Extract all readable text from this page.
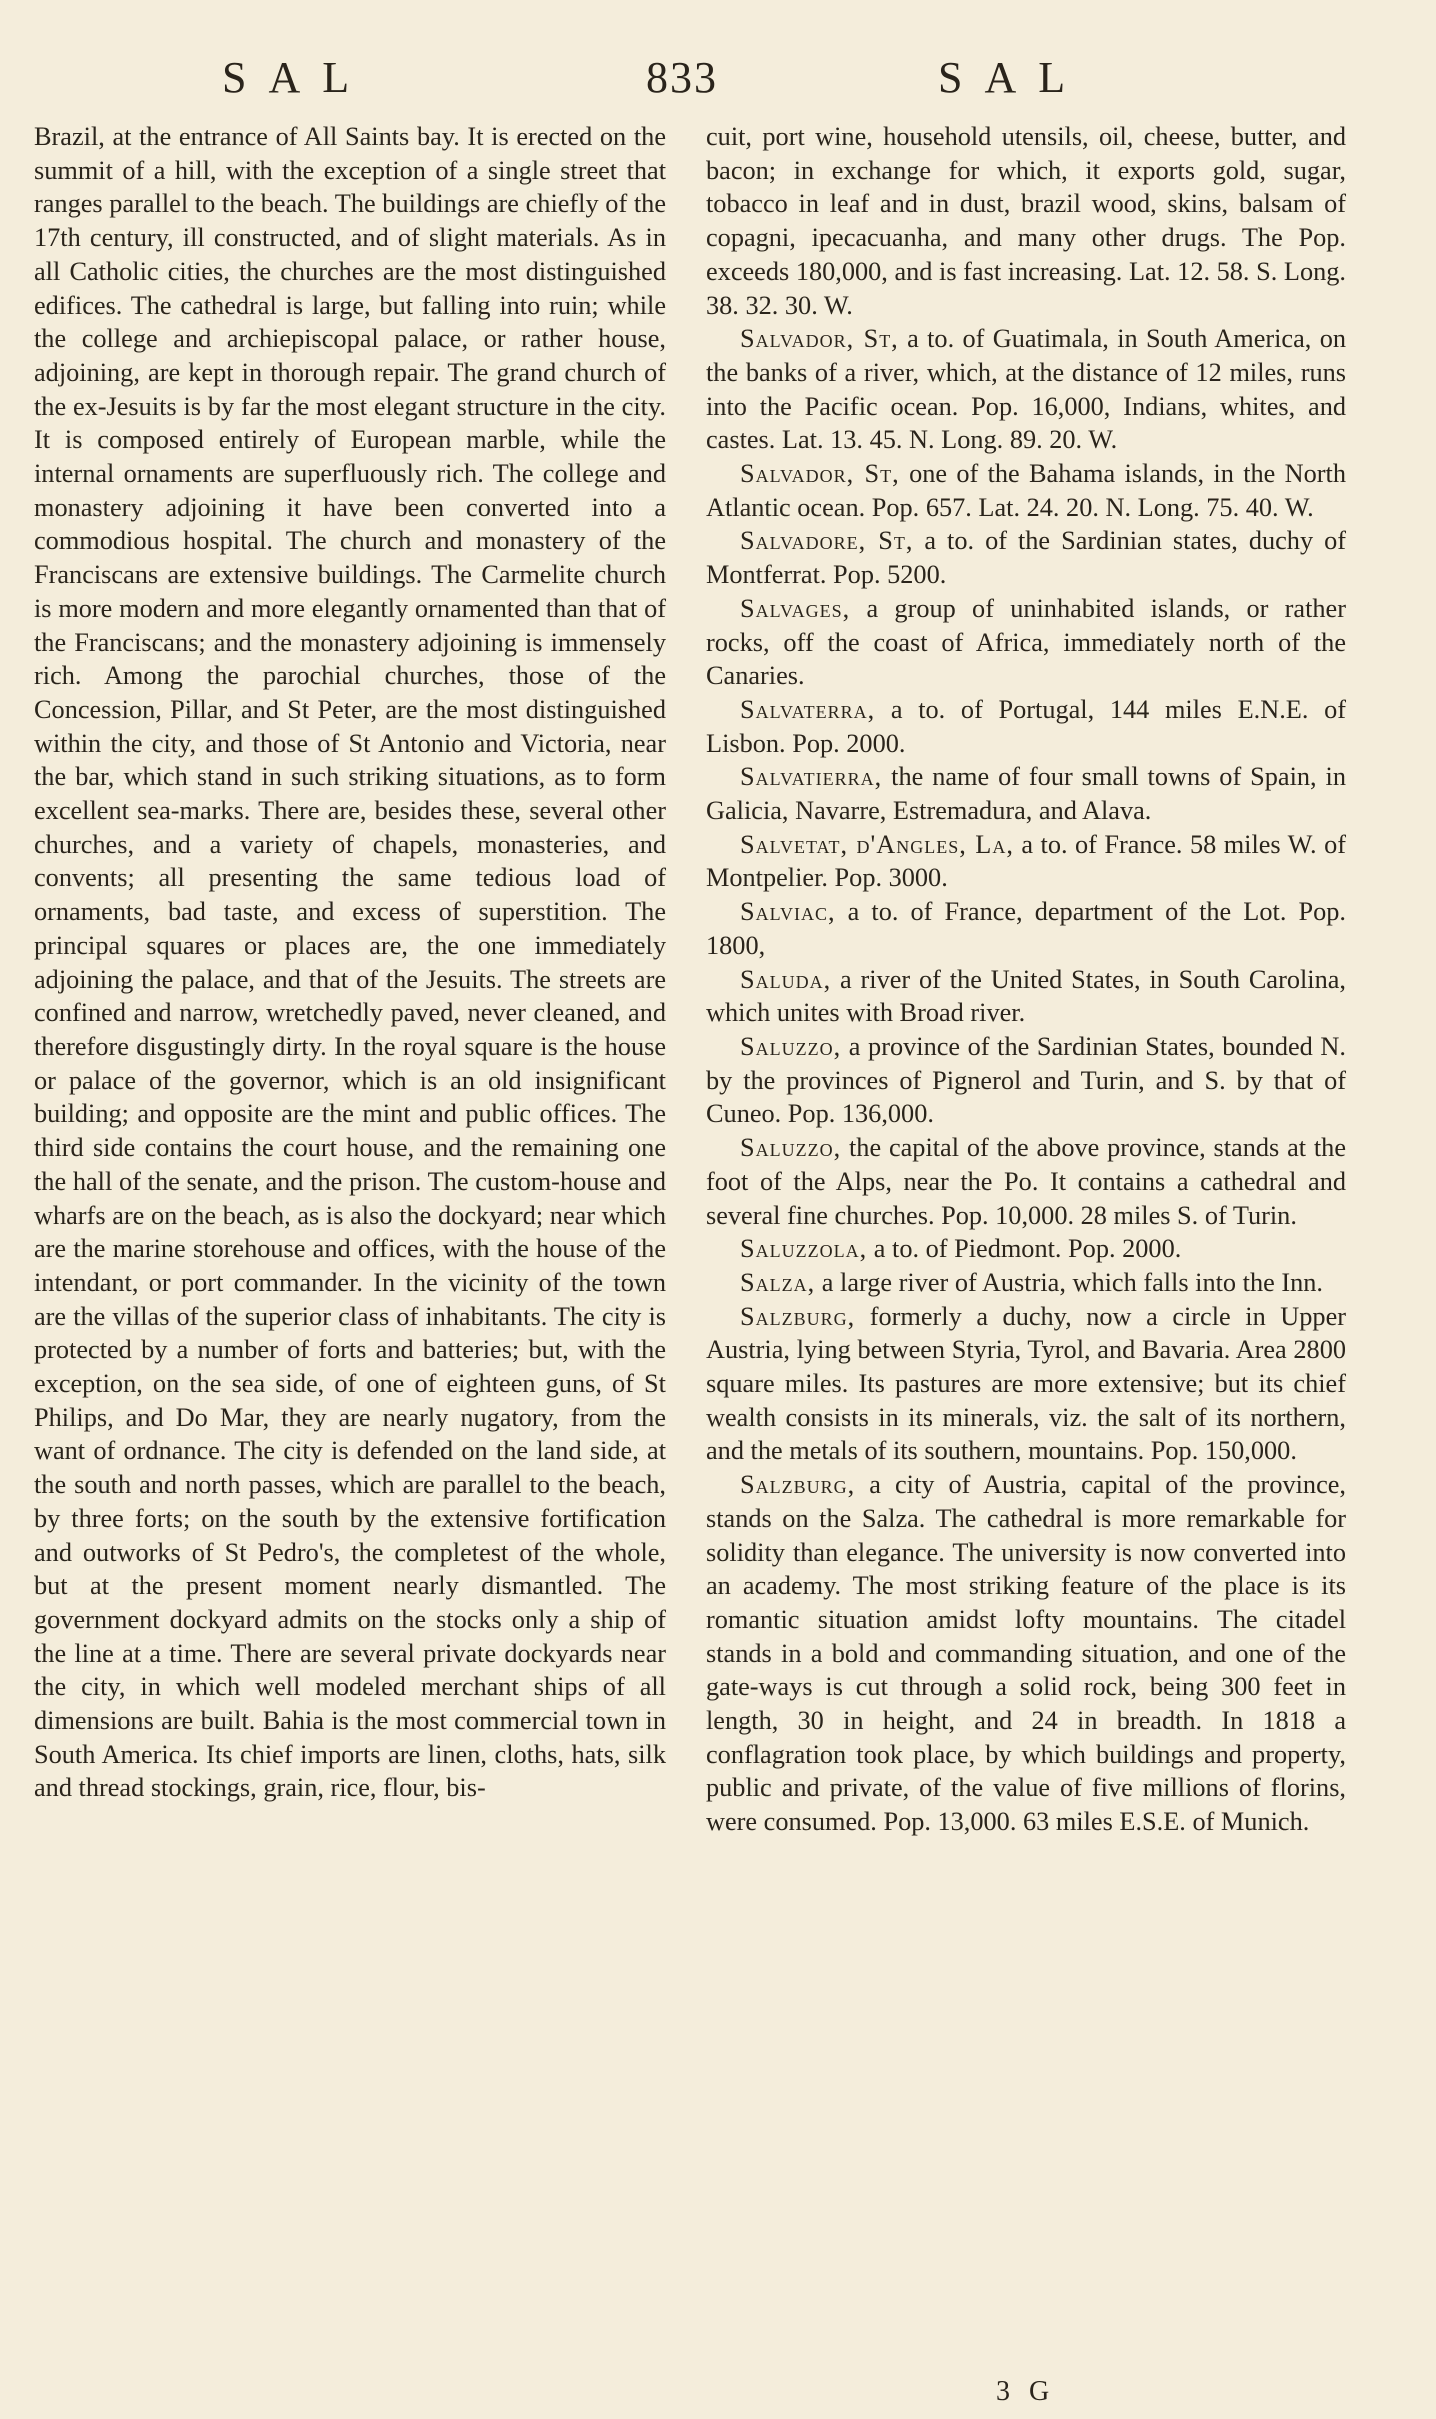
SAL	833	SAL

Brazil, at the entrance of All Saints bay. It is erected on the summit of a hill, with the exception of a single street that ranges parallel to the beach. The buildings are chiefly of the 17th century, ill constructed, and of slight materials. As in all Catholic cities, the churches are the most distinguished edifices. The cathedral is large, but falling into ruin; while the college and archiepiscopal palace, or rather house, adjoining, are kept in thorough repair. The grand church of the ex-Jesuits is by far the most elegant structure in the city. It is composed entirely of European marble, while the internal ornaments are superfluously rich. The college and monastery adjoining it have been converted into a commodious hospital. The church and monastery of the Franciscans are extensive buildings. The Carmelite church is more modern and more elegantly ornamented than that of the Franciscans; and the monastery adjoining is immensely rich. Among the parochial churches, those of the Concession, Pillar, and St Peter, are the most distinguished within the city, and those of St Antonio and Victoria, near the bar, which stand in such striking situations, as to form excellent sea-marks. There are, besides these, several other churches, and a variety of chapels, monasteries, and convents; all presenting the same tedious load of ornaments, bad taste, and excess of superstition. The principal squares or places are, the one immediately adjoining the palace, and that of the Jesuits. The streets are confined and narrow, wretchedly paved, never cleaned, and therefore disgustingly dirty. In the royal square is the house or palace of the governor, which is an old insignificant building; and opposite are the mint and public offices. The third side contains the court house, and the remaining one the hall of the senate, and the prison. The custom-house and wharfs are on the beach, as is also the dockyard; near which are the marine storehouse and offices, with the house of the intendant, or port commander. In the vicinity of the town are the villas of the superior class of inhabitants. The city is protected by a number of forts and batteries; but, with the exception, on the sea side, of one of eighteen guns, of St Philips, and Do Mar, they are nearly nugatory, from the want of ordnance. The city is defended on the land side, at the south and north passes, which are parallel to the beach, by three forts; on the south by the extensive fortification and outworks of St Pedro's, the completest of the whole, but at the present moment nearly dismantled. The government dockyard admits on the stocks only a ship of the line at a time. There are several private dockyards near the city, in which well modeled merchant ships of all dimensions are built. Bahia is the most commercial town in South America. Its chief imports are linen, cloths, hats, silk and thread stockings, grain, rice, flour, bis-

cuit, port wine, household utensils, oil, cheese, butter, and bacon; in exchange for which, it exports gold, sugar, tobacco in leaf and in dust, brazil wood, skins, balsam of copagni, ipecacuanha, and many other drugs. The Pop. exceeds 180,000, and is fast increasing. Lat. 12. 58. S. Long. 38. 32. 30. W.

Salvador, St, a to. of Guatimala, in South America, on the banks of a river, which, at the distance of 12 miles, runs into the Pacific ocean. Pop. 16,000, Indians, whites, and castes. Lat. 13. 45. N. Long. 89. 20. W.

Salvador, St, one of the Bahama islands, in the North Atlantic ocean. Pop. 657. Lat. 24. 20. N. Long. 75. 40. W.

Salvadore, St, a to. of the Sardinian states, duchy of Montferrat. Pop. 5200.

Salvages, a group of uninhabited islands, or rather rocks, off the coast of Africa, immediately north of the Canaries.

Salvaterra, a to. of Portugal, 144 miles E.N.E. of Lisbon. Pop. 2000.

Salvatierra, the name of four small towns of Spain, in Galicia, Navarre, Estremadura, and Alava.

Salvetat, d'Angles, La, a to. of France. 58 miles W. of Montpelier. Pop. 3000.

Salviac, a to. of France, department of the Lot. Pop. 1800,

Saluda, a river of the United States, in South Carolina, which unites with Broad river.

Saluzzo, a province of the Sardinian States, bounded N. by the provinces of Pignerol and Turin, and S. by that of Cuneo. Pop. 136,000.

Saluzzo, the capital of the above province, stands at the foot of the Alps, near the Po. It contains a cathedral and several fine churches. Pop. 10,000. 28 miles S. of Turin.

Saluzzola, a to. of Piedmont. Pop. 2000.

Salza, a large river of Austria, which falls into the Inn.

Salzburg, formerly a duchy, now a circle in Upper Austria, lying between Styria, Tyrol, and Bavaria. Area 2800 square miles. Its pastures are more extensive; but its chief wealth consists in its minerals, viz. the salt of its northern, and the metals of its southern, mountains. Pop. 150,000.

Salzburg, a city of Austria, capital of the province, stands on the Salza. The cathedral is more remarkable for solidity than elegance. The university is now converted into an academy. The most striking feature of the place is its romantic situation amidst lofty mountains. The citadel stands in a bold and commanding situation, and one of the gate-ways is cut through a solid rock, being 300 feet in length, 30 in height, and 24 in breadth. In 1818 a conflagration took place, by which buildings and property, public and private, of the value of five millions of florins, were consumed. Pop. 13,000. 63 miles E.S.E. of Munich.

3 G
